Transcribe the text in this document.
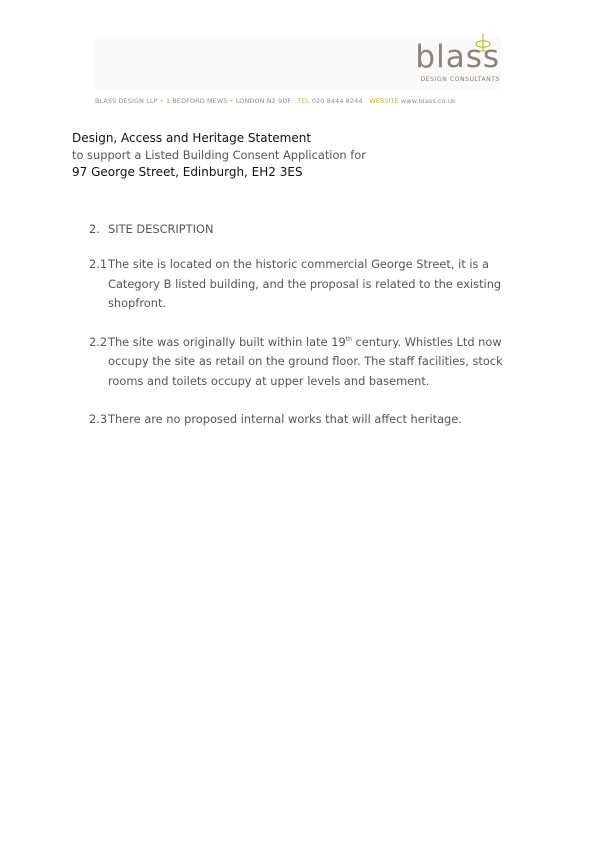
blass
DESIGN CONSULTANTS
BLASS DESIGN LLP • 1 BEDFORD MEWS • LONDON N2 9DF TEL 020 8444 8244 WEBSITE www.blass.co.uk
Design, Access and Heritage Statement
to support a Listed Building Consent Application for
97 George Street, Edinburgh, EH2 3ES
2. SITE DESCRIPTION
2.1 The site is located on the historic commercial George Street, it is a
Category B listed building, and the proposal is related to the existing
shopfront.
2.2 The site was originally built within late 19th century. Whistles Ltd now
occupy the site as retail on the ground floor. The staff facilities, stock
rooms and toilets occupy at upper levels and basement.
2.3 There are no proposed internal works that will affect heritage.
